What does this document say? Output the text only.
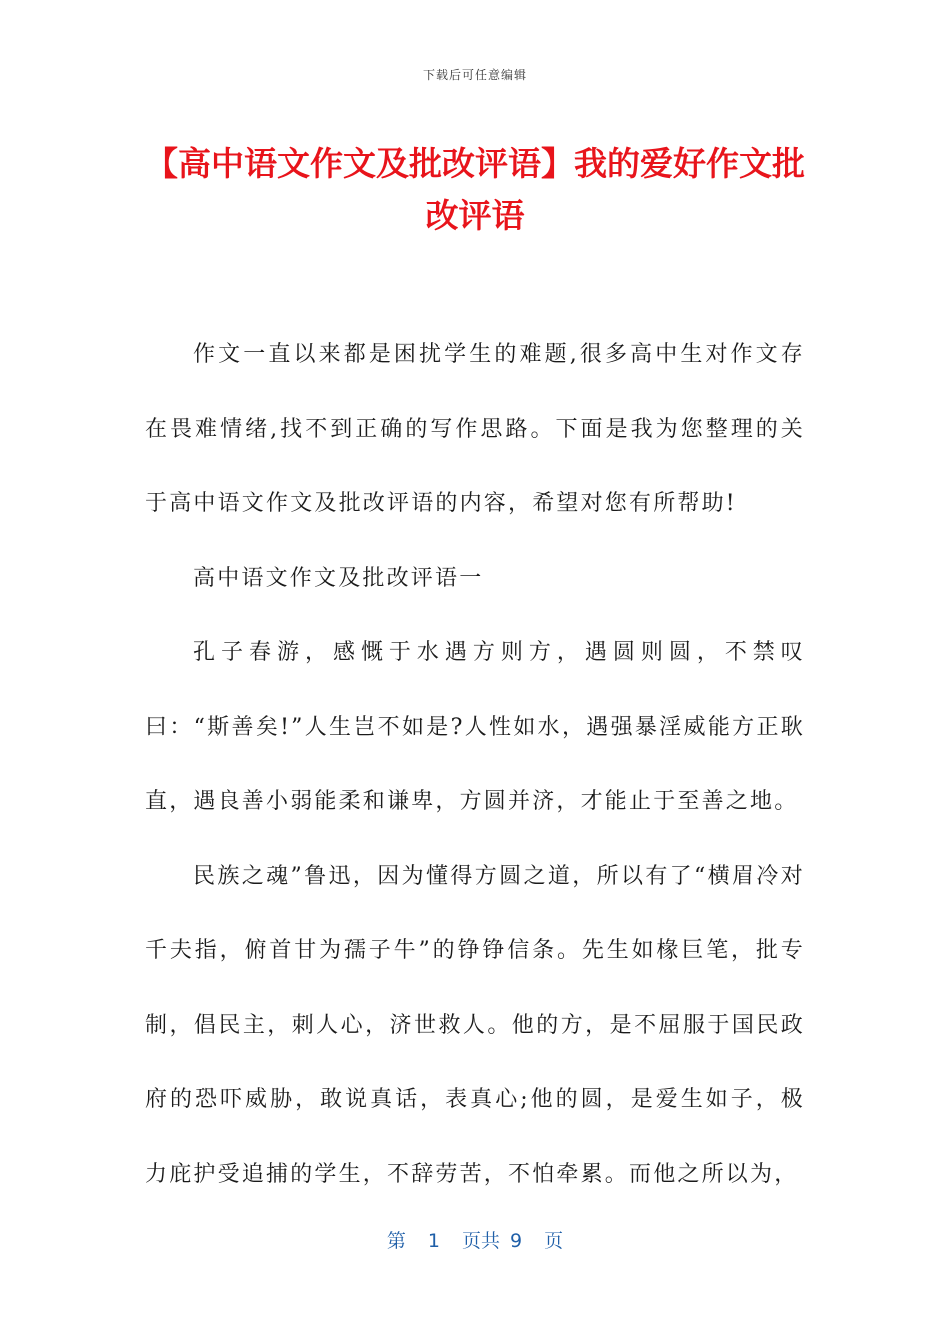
下载后可任意编辑
【高中语文作文及批改评语】我的爱好作文批改评语

作文一直以来都是困扰学生的难题,很多高中生对作文存在畏难情绪,找不到正确的写作思路。下面是我为您整理的关于高中语文作文及批改评语的内容，希望对您有所帮助!

高中语文作文及批改评语一

孔子春游，感慨于水遇方则方，遇圆则圆，不禁叹曰：“斯善矣!”人生岂不如是?人性如水，遇强暴淫威能方正耿直，遇良善小弱能柔和谦卑，方圆并济，才能止于至善之地。

民族之魂”鲁迅，因为懂得方圆之道，所以有了“横眉冷对千夫指，俯首甘为孺子牛”的铮铮信条。先生如椽巨笔，批专制，倡民主，刺人心，济世救人。他的方，是不屈服于国民政府的恐吓威胁，敢说真话，表真心;他的圆，是爱生如子，极力庇护受追捕的学生，不辞劳苦，不怕牵累。而他之所以为，

第 1 页共 9 页
